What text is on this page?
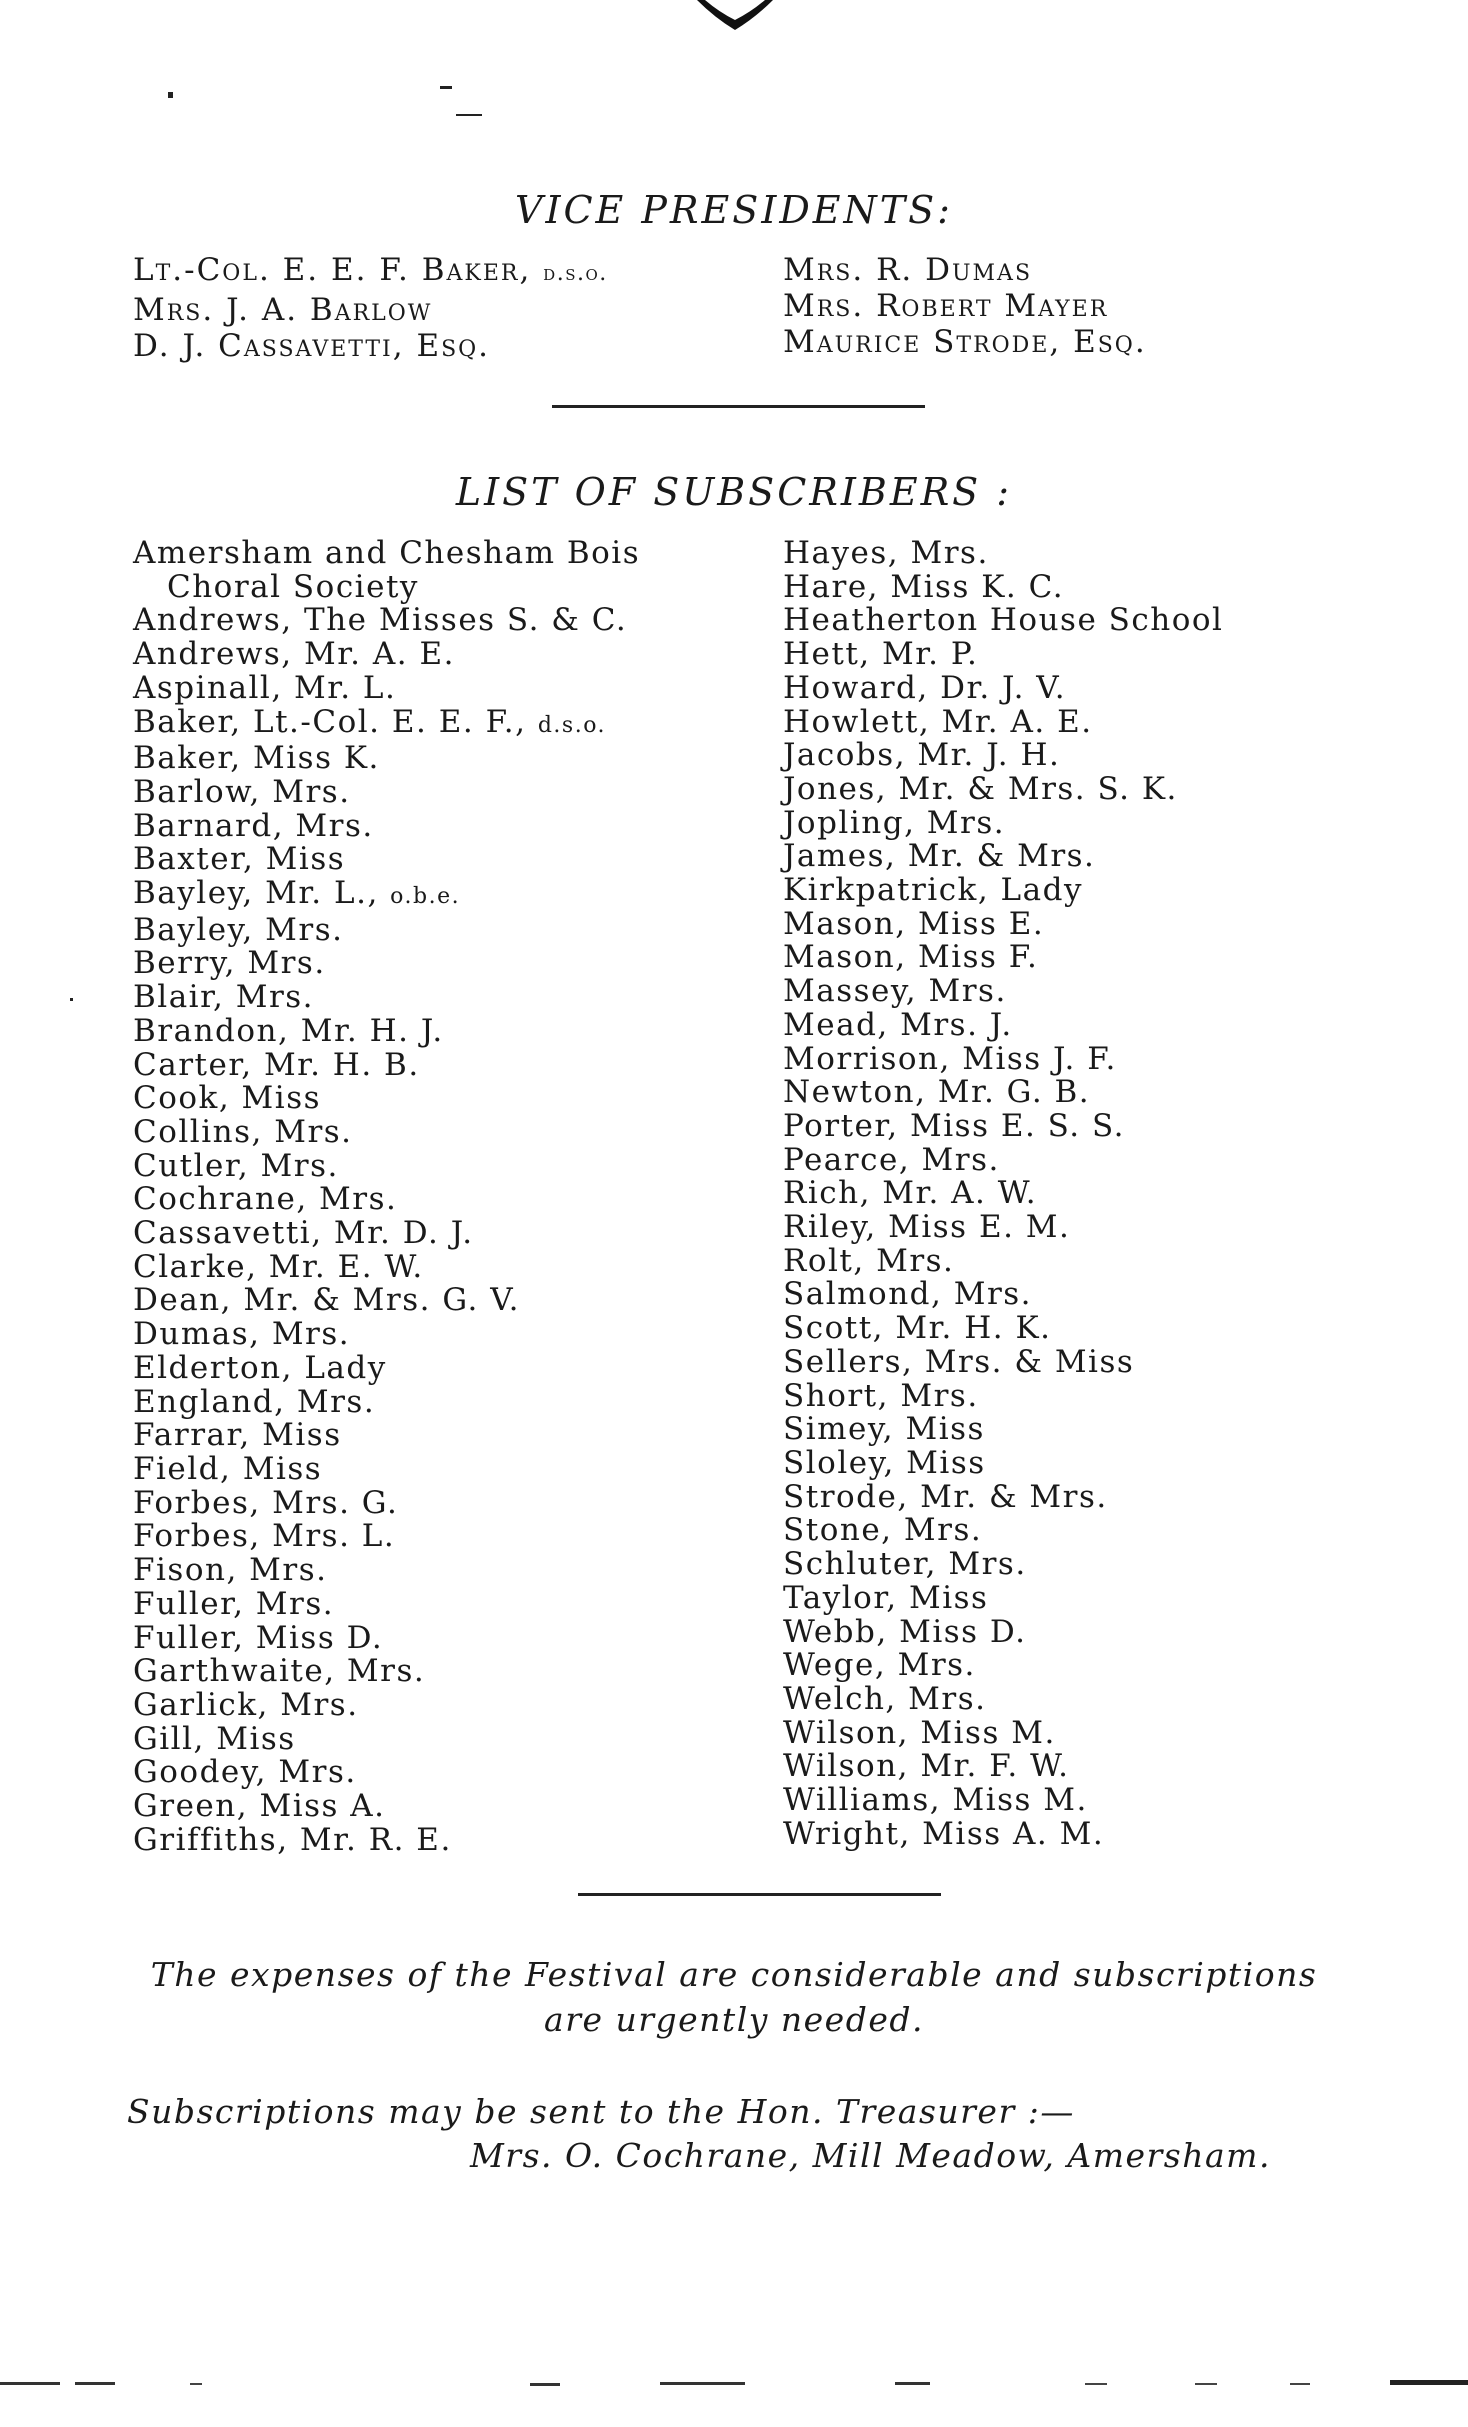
VICE PRESIDENTS:
Lt.-Col. E. E. F. Baker, d.s.o.
Mrs. J. A. Barlow
D. J. Cassavetti, Esq.
Mrs. R. Dumas
Mrs. Robert Mayer
Maurice Strode, Esq.
LIST OF SUBSCRIBERS :
Amersham and Chesham Bois
Choral Society
Andrews, The Misses S. & C.
Andrews, Mr. A. E.
Aspinall, Mr. L.
Baker, Lt.-Col. E. E. F., d.s.o.
Baker, Miss K.
Barlow, Mrs.
Barnard, Mrs.
Baxter, Miss
Bayley, Mr. L., o.b.e.
Bayley, Mrs.
Berry, Mrs.
Blair, Mrs.
Brandon, Mr. H. J.
Carter, Mr. H. B.
Cook, Miss
Collins, Mrs.
Cutler, Mrs.
Cochrane, Mrs.
Cassavetti, Mr. D. J.
Clarke, Mr. E. W.
Dean, Mr. & Mrs. G. V.
Dumas, Mrs.
Elderton, Lady
England, Mrs.
Farrar, Miss
Field, Miss
Forbes, Mrs. G.
Forbes, Mrs. L.
Fison, Mrs.
Fuller, Mrs.
Fuller, Miss D.
Garthwaite, Mrs.
Garlick, Mrs.
Gill, Miss
Goodey, Mrs.
Green, Miss A.
Griffiths, Mr. R. E.
Hayes, Mrs.
Hare, Miss K. C.
Heatherton House School
Hett, Mr. P.
Howard, Dr. J. V.
Howlett, Mr. A. E.
Jacobs, Mr. J. H.
Jones, Mr. & Mrs. S. K.
Jopling, Mrs.
James, Mr. & Mrs.
Kirkpatrick, Lady
Mason, Miss E.
Mason, Miss F.
Massey, Mrs.
Mead, Mrs. J.
Morrison, Miss J. F.
Newton, Mr. G. B.
Porter, Miss E. S. S.
Pearce, Mrs.
Rich, Mr. A. W.
Riley, Miss E. M.
Rolt, Mrs.
Salmond, Mrs.
Scott, Mr. H. K.
Sellers, Mrs. & Miss
Short, Mrs.
Simey, Miss
Sloley, Miss
Strode, Mr. & Mrs.
Stone, Mrs.
Schluter, Mrs.
Taylor, Miss
Webb, Miss D.
Wege, Mrs.
Welch, Mrs.
Wilson, Miss M.
Wilson, Mr. F. W.
Williams, Miss M.
Wright, Miss A. M.
The expenses of the Festival are considerable and subscriptions
are urgently needed.
Subscriptions may be sent to the Hon. Treasurer :—
Mrs. O. Cochrane, Mill Meadow, Amersham.
